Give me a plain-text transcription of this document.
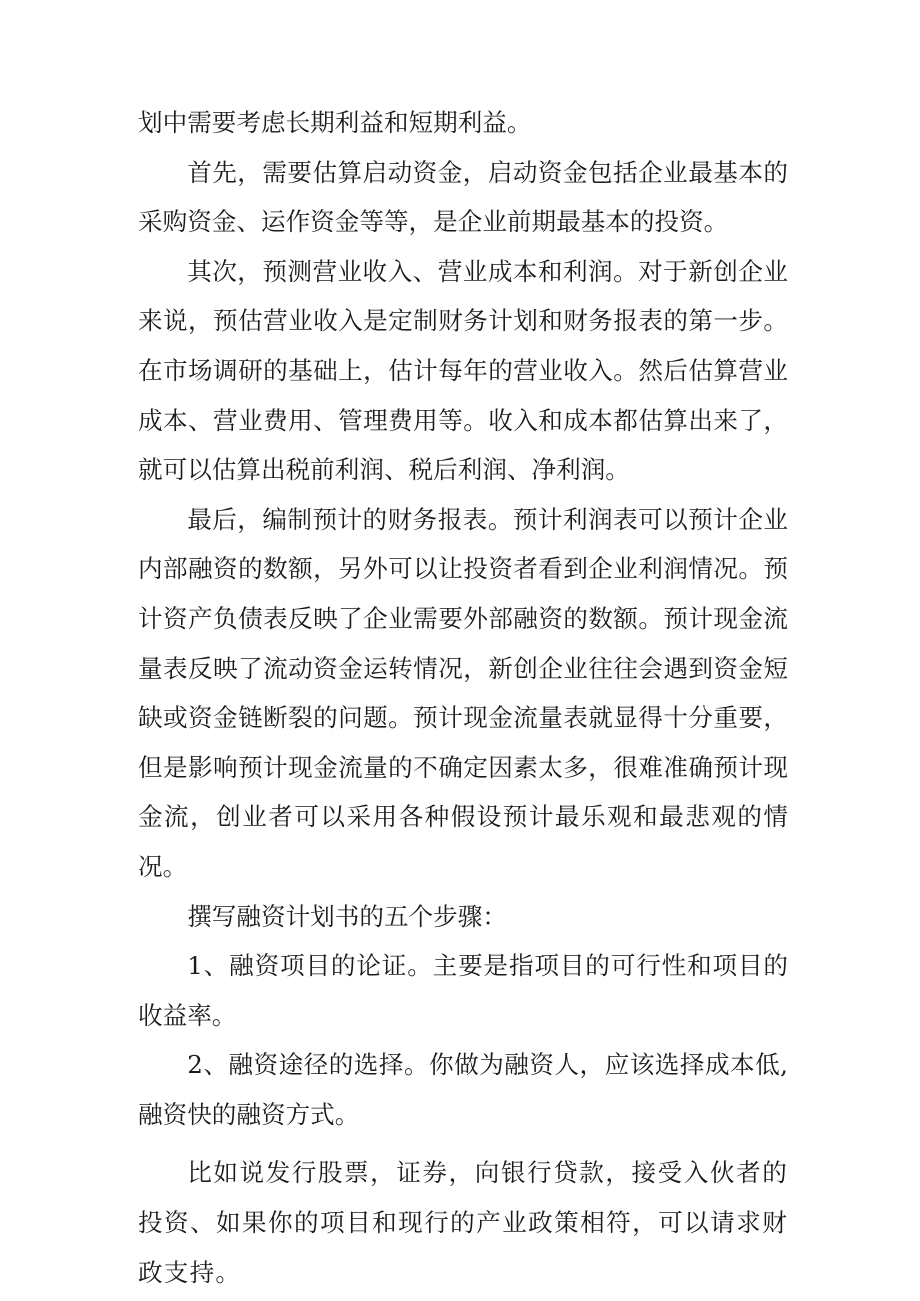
划中需要考虑长期利益和短期利益。

首先，需要估算启动资金，启动资金包括企业最基本的采购资金、运作资金等等，是企业前期最基本的投资。

其次，预测营业收入、营业成本和利润。对于新创企业来说，预估营业收入是定制财务计划和财务报表的第一步。在市场调研的基础上，估计每年的营业收入。然后估算营业成本、营业费用、管理费用等。收入和成本都估算出来了，就可以估算出税前利润、税后利润、净利润。

最后，编制预计的财务报表。预计利润表可以预计企业内部融资的数额，另外可以让投资者看到企业利润情况。预计资产负债表反映了企业需要外部融资的数额。预计现金流量表反映了流动资金运转情况，新创企业往往会遇到资金短缺或资金链断裂的问题。预计现金流量表就显得十分重要，但是影响预计现金流量的不确定因素太多，很难准确预计现金流，创业者可以采用各种假设预计最乐观和最悲观的情况。

撰写融资计划书的五个步骤：

1、融资项目的论证。主要是指项目的可行性和项目的收益率。

2、融资途径的选择。你做为融资人，应该选择成本低,融资快的融资方式。

比如说发行股票，证券，向银行贷款，接受入伙者的投资、如果你的项目和现行的产业政策相符，可以请求财政支持。
